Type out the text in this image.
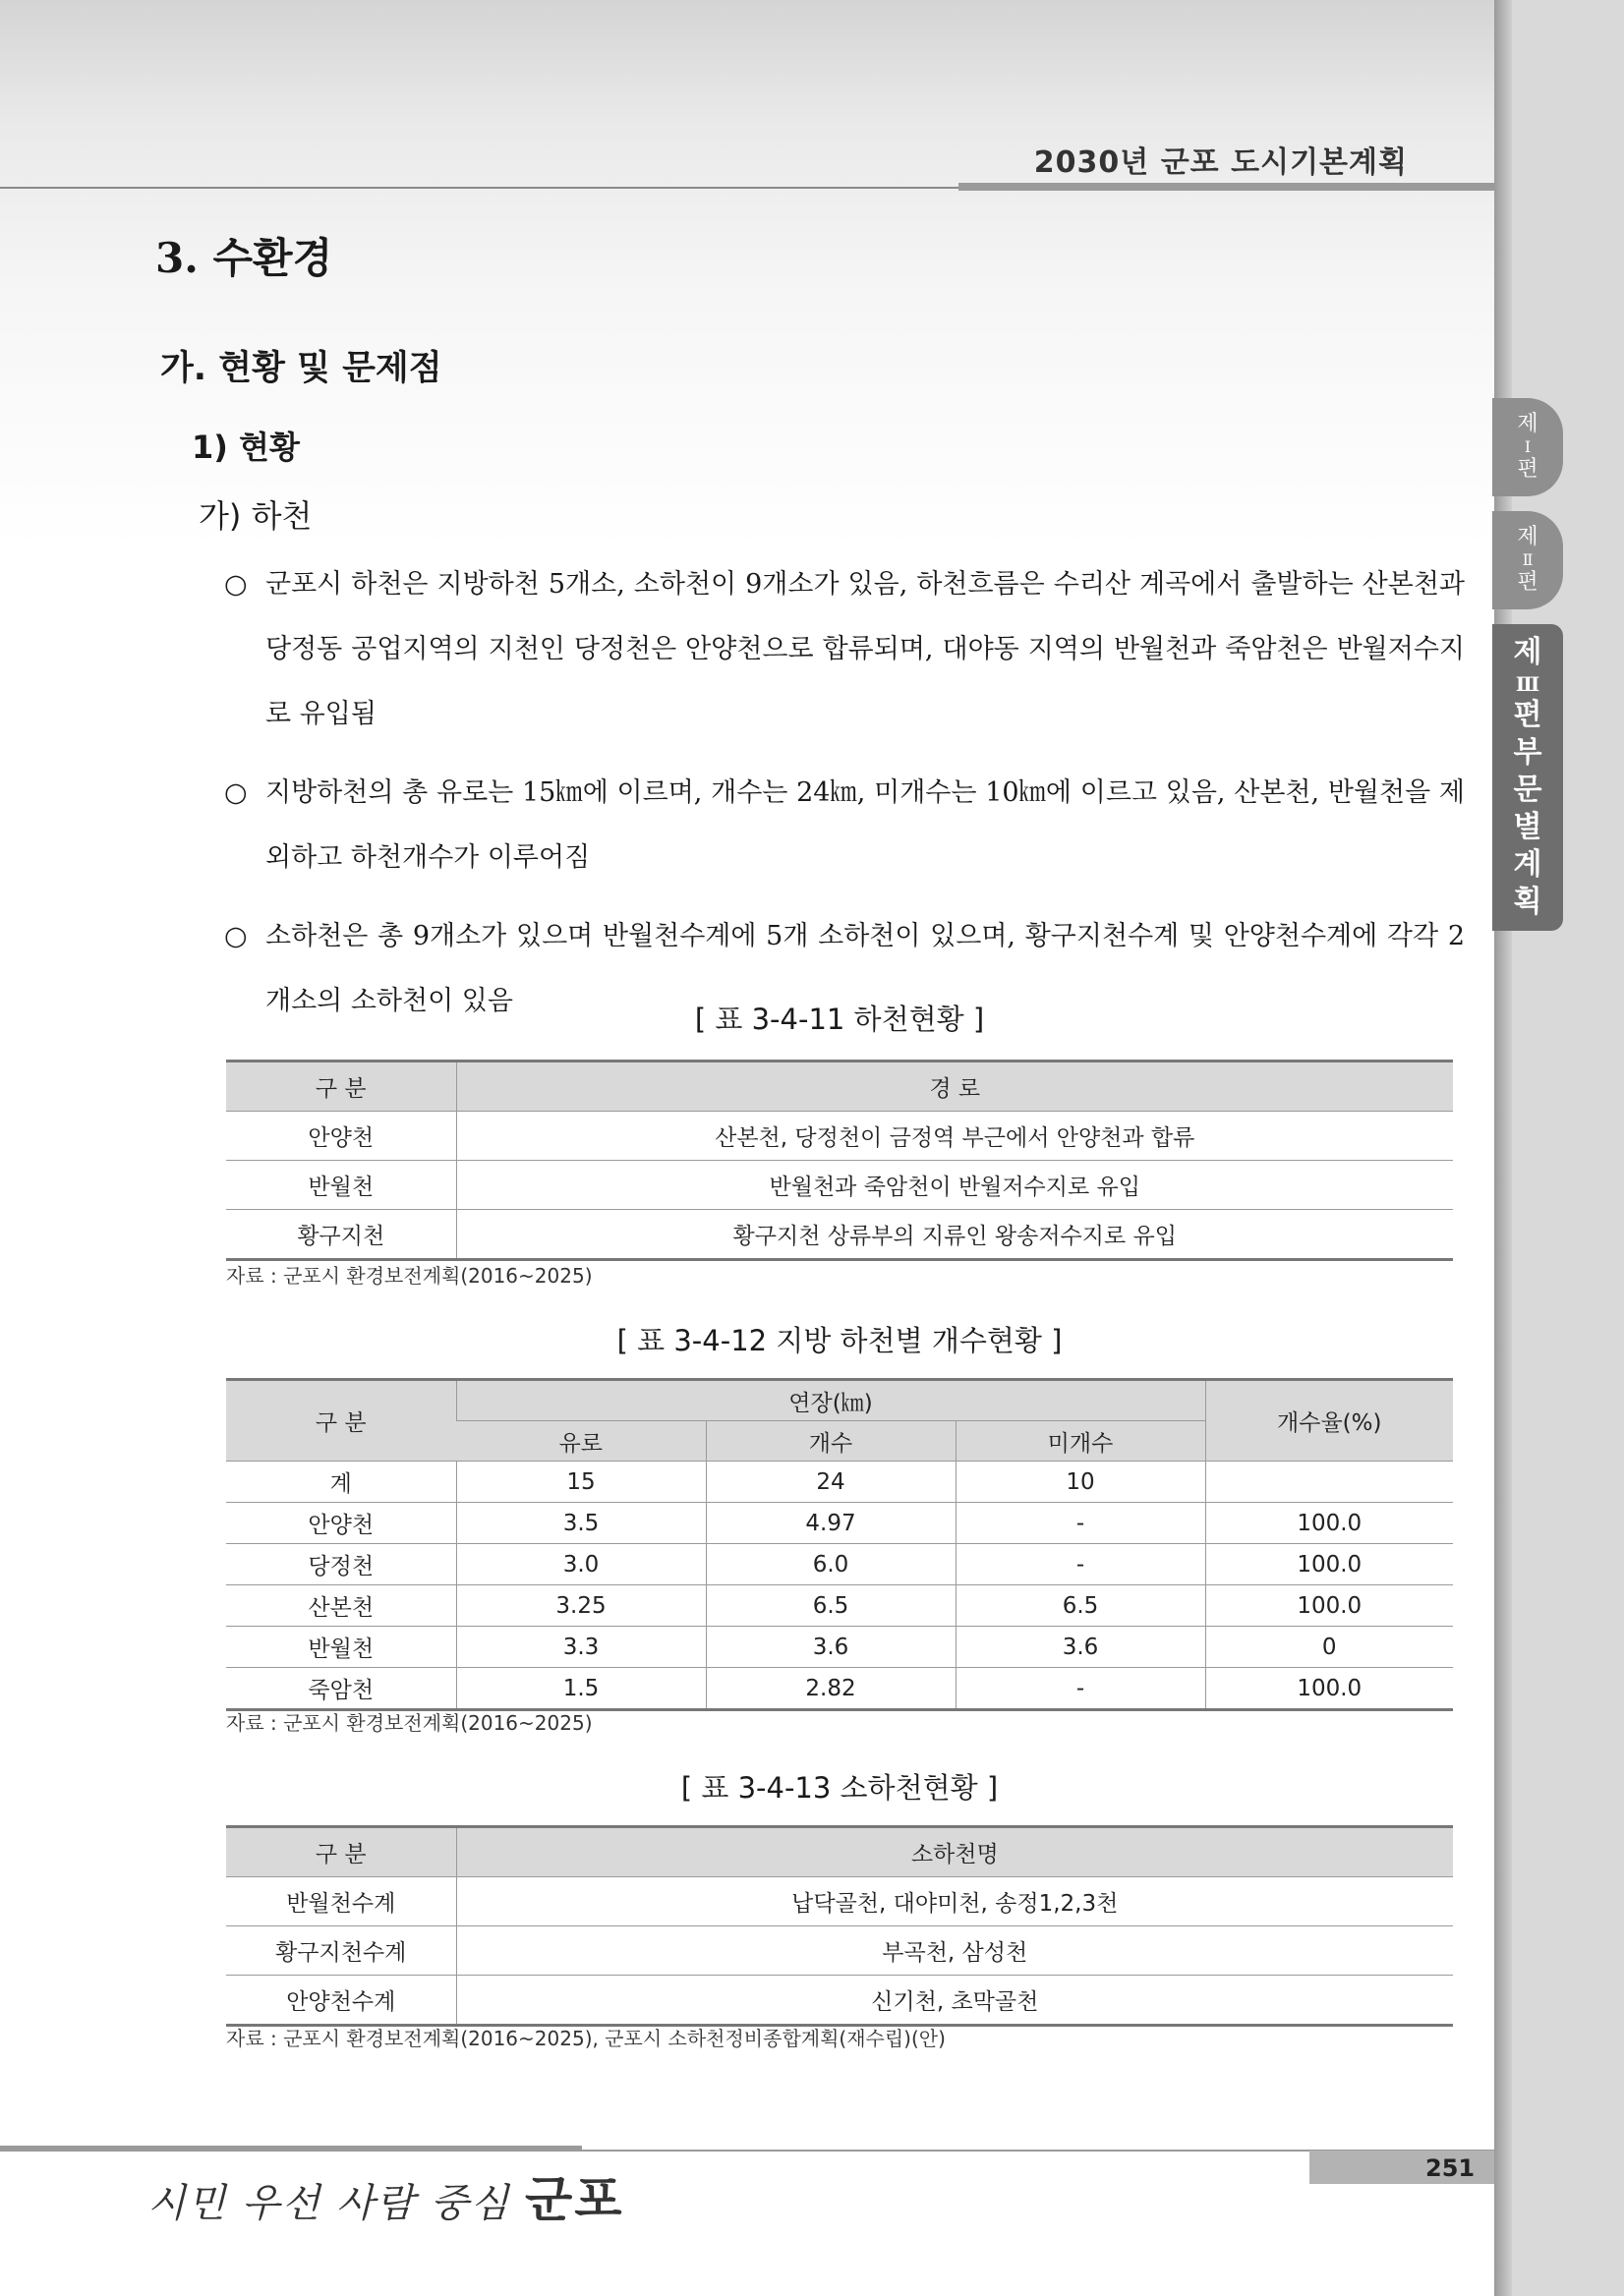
2030년 군포 도시기본계획
제
Ⅰ
편
제
Ⅱ
편
제
Ⅲ
편
부
문
별
계
획
3. 수환경
가. 현황 및 문제점
1) 현황
가) 하천
○ 군포시 하천은 지방하천 5개소, 소하천이 9개소가 있음, 하천흐름은 수리산 계곡에서 출발하는 산본천과 당정동 공업지역의 지천인 당정천은 안양천으로 합류되며, 대야동 지역의 반월천과 죽암천은 반월저수지로 유입됨
○ 지방하천의 총 유로는 15㎞에 이르며, 개수는 24㎞, 미개수는 10㎞에 이르고 있음, 산본천, 반월천을 제외하고 하천개수가 이루어짐
○ 소하천은 총 9개소가 있으며 반월천수계에 5개 소하천이 있으며, 황구지천수계 및 안양천수계에 각각 2개소의 소하천이 있음
[ 표 3-4-11 하천현황 ]
구 분	경 로
안양천	산본천, 당정천이 금정역 부근에서 안양천과 합류
반월천	반월천과 죽암천이 반월저수지로 유입
황구지천	황구지천 상류부의 지류인 왕송저수지로 유입
자료 : 군포시 환경보전계획(2016~2025)
[ 표 3-4-12 지방 하천별 개수현황 ]
구 분	연장(㎞)			개수율(%)
	유로	개수	미개수	
계	15	24	10	
안양천	3.5	4.97	-	100.0
당정천	3.0	6.0	-	100.0
산본천	3.25	6.5	6.5	100.0
반월천	3.3	3.6	3.6	0
죽암천	1.5	2.82	-	100.0
자료 : 군포시 환경보전계획(2016~2025)
[ 표 3-4-13 소하천현황 ]
구 분	소하천명
반월천수계	납닥골천, 대야미천, 송정1,2,3천
황구지천수계	부곡천, 삼성천
안양천수계	신기천, 초막골천
자료 : 군포시 환경보전계획(2016~2025), 군포시 소하천정비종합계획(재수립)(안)
251
시민 우선 사람 중심 군포
